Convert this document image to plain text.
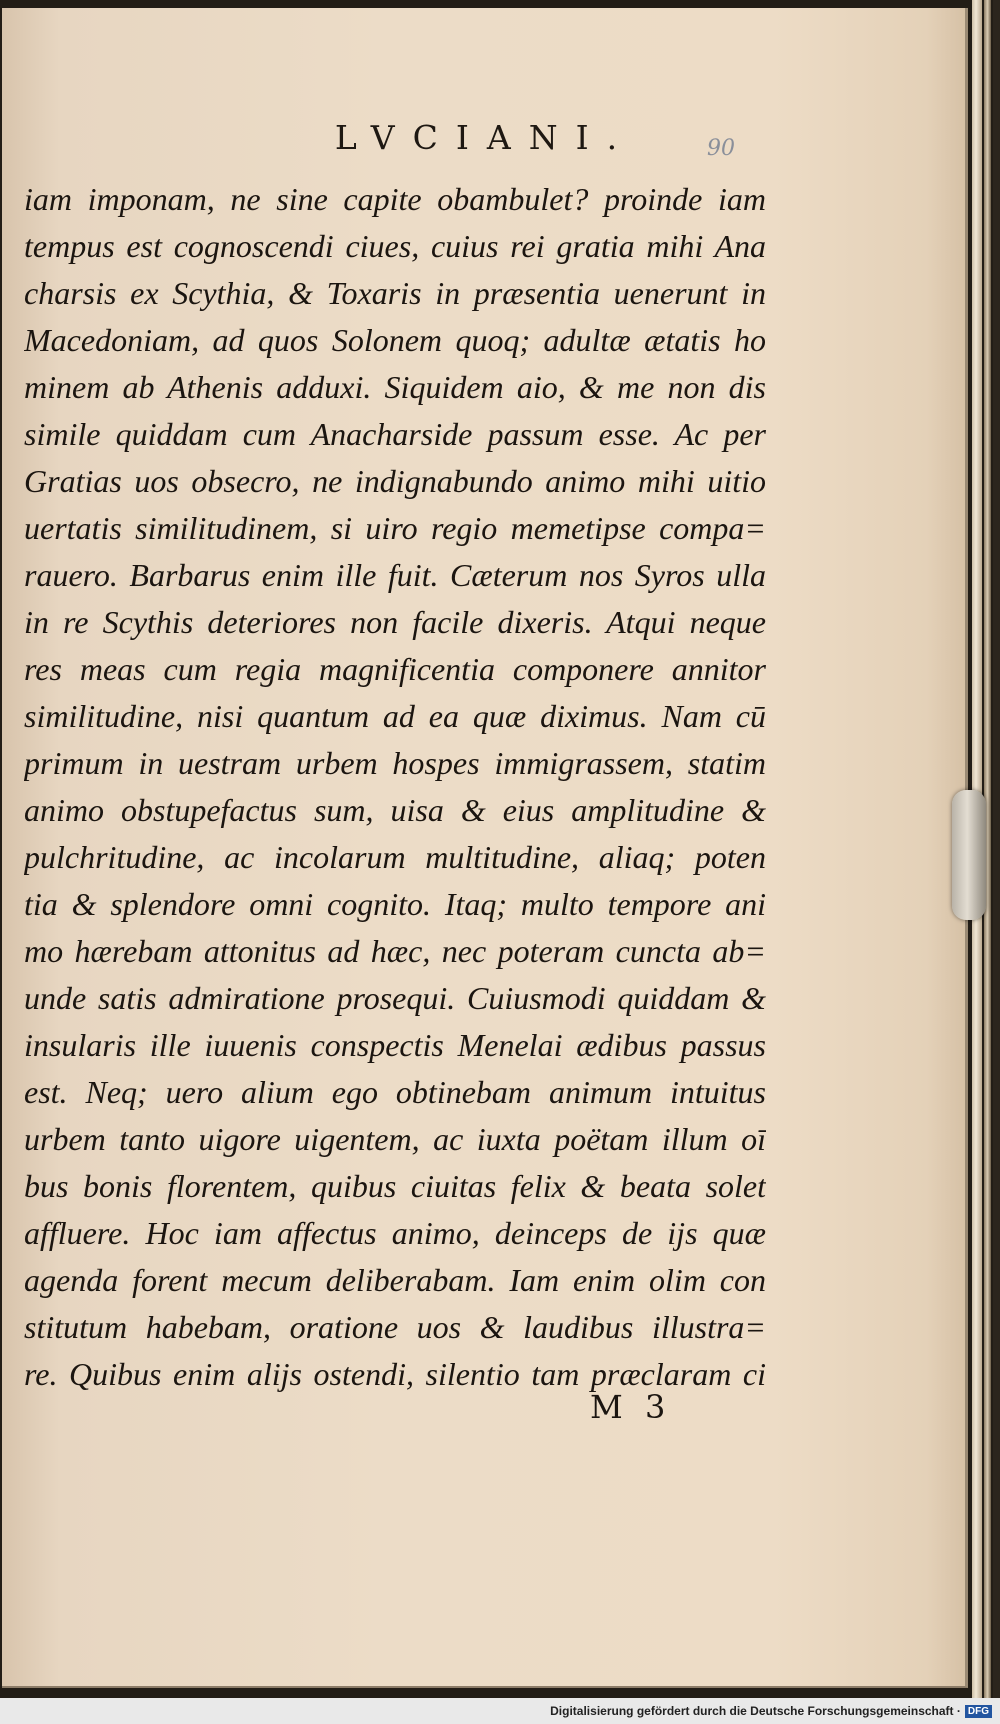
LVCIANI.	90
iam imponam, ne sine capite obambulet? proinde iam
tempus est cognoscendi ciues, cuius rei gratia mihi Ana
charsis ex Scythia, & Toxaris in præsentia uenerunt in
Macedoniam, ad quos Solonem quoq; adultæ ætatis ho
minem ab Athenis adduxi. Siquidem aio, & me non dis
simile quiddam cum Anacharside passum esse. Ac per
Gratias uos obsecro, ne indignabundo animo mihi uitio
uertatis similitudinem, si uiro regio memetipse compa=
rauero. Barbarus enim ille fuit. Cæterum nos Syros ulla
in re Scythis deteriores non facile dixeris. Atqui neque
res meas cum regia magnificentia componere annitor
similitudine, nisi quantum ad ea quæ diximus. Nam cū
primum in uestram urbem hospes immigrassem, statim
animo obstupefactus sum, uisa & eius amplitudine &
pulchritudine, ac incolarum multitudine, aliaq; poten
tia & splendore omni cognito. Itaq; multo tempore ani
mo hærebam attonitus ad hæc, nec poteram cuncta ab=
unde satis admiratione prosequi. Cuiusmodi quiddam &
insularis ille iuuenis conspectis Menelai ædibus passus
est. Neq; uero alium ego obtinebam animum intuitus
urbem tanto uigore uigentem, ac iuxta poëtam illum oī
bus bonis florentem, quibus ciuitas felix & beata solet
affluere. Hoc iam affectus animo, deinceps de ijs quæ
agenda forent mecum deliberabam. Iam enim olim con
stitutum habebam, oratione uos & laudibus illustra=
re. Quibus enim alijs ostendi, silentio tam præclaram ci
M 3
Digitalisierung gefördert durch die Deutsche Forschungsgemeinschaft · DFG
